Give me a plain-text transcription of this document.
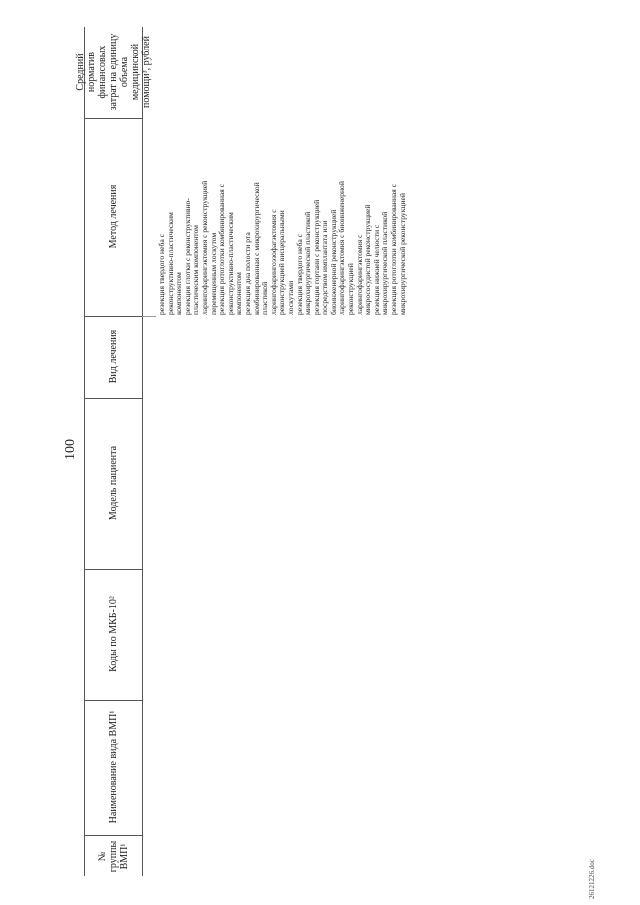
100
26121226.doc
Средний норматив финансовых затрат на единицу объема медицинской помощи³, рублей
Метод лечения
Вид лечения
Модель пациента
Коды по МКБ-10²
Наименование вида ВМП¹
№ группы ВМП¹
резекция твердого неба с реконструктивно-пластическим компонентом резекция глотки с реконструктивно- пластическим компонентом ларингофарингэктомия с реконструкцией перемещенным лоскутом резекция ротоглотки комбинированная с реконструктивно-пластическим компонентом резекция дна полости рта комбинированная с микрохирургической пластикой ларингофарингоэзофагэктомия с реконструкцией висцеральными лоскутами резекция твердого неба с микрохирургической пластикой резекция гортани с реконструкцией посредством имплантата или биоинженерной реконструкцией ларингофарингэктомия с биоинженерной реконструкцией ларингофарингэктомия с микрососудистой реконструкцией резекция нижней челюсти с микрохирургической пластикой резекция ротоглотки комбинированная с микрохирургической реконструкцией
